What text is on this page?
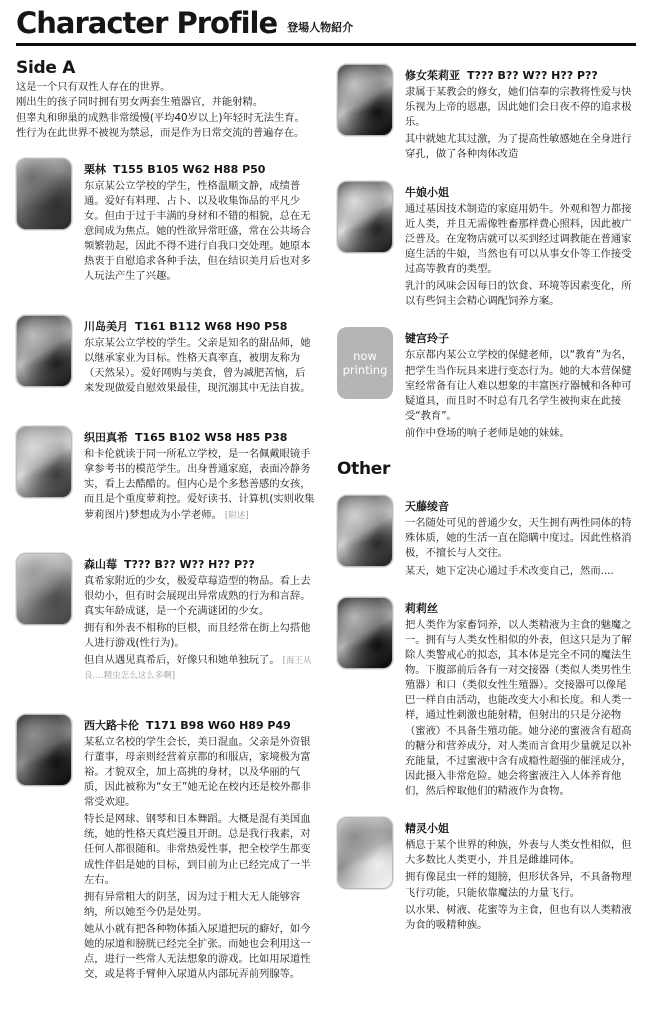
Character Profile 登場人物紹介
Side A
这是一个只有双性人存在的世界。
刚出生的孩子同时拥有男女两套生殖器官，并能射精。
但睾丸和卵巢的成熟非常缓慢(平均40岁以上)年轻时无法生育。
性行为在此世界不被视为禁忌，而是作为日常交流的普遍存在。
栗林 T155 B105 W62 H88 P50

东京某公立学校的学生，性格温顺文静，成绩普通。爱好有料理、占卜、以及收集饰品的平凡少女。但由于过于丰满的身材和不错的相貌，总在无意间成为焦点。她的性欲异常旺盛，常在公共场合频繁勃起，因此不得不进行自我口交处理。她原本热衷于自慰追求各种手法，但在结识美月后也对多人玩法产生了兴趣。

川岛美月 T161 B112 W68 H90 P58

东京某公立学校的学生。父亲是知名的甜品师，她以继承家业为目标。性格天真率直，被朋友称为（天然呆）。爱好网购与美食，曾为减肥苦恼，后来发现做爱自慰效果最佳，现沉溺其中无法自拔。

织田真希 T165 B102 W58 H85 P38

和卡伦就读于同一所私立学校，是一名佩戴眼镜手拿参考书的模范学生。出身普通家庭，表面冷静务实，看上去酷酷的。但内心是个多愁善感的女孩，而且是个重度萝莉控。爱好读书、计算机(实则收集萝莉图片)梦想成为小学老师。 [附述]

森山莓 T??? B?? W?? H?? P??

真希家附近的少女，极爱草莓造型的物品。看上去很幼小，但有时会展现出异常成熟的行为和言辞。真实年龄成谜，是一个充满谜团的少女。

拥有和外表不相称的巨根，而且经常在街上勾搭他人进行游戏(性行为)。

但自从遇见真希后，好像只和她单独玩了。 [海王从良….精虫怎么这么多啊]

西大路卡伦 T171 B98 W60 H89 P49

某私立名校的学生会长，美日混血。父亲是外资银行董事，母亲则经营着京都的和服店，家境极为富裕。才貌双全，加上高挑的身材，以及华丽的气质，因此被称为“女王”她无论在校内还是校外都非常受欢迎。

特长是网球、钢琴和日本舞蹈。大概是混有美国血统，她的性格天真烂漫且开朗。总是我行我素，对任何人都很随和。非常热爱性事，把全校学生都变成性伴侣是她的目标，到目前为止已经完成了一半左右。

拥有异常粗大的阴茎，因为过于粗大无人能够容纳，所以她至今仍是处男。

她从小就有把各种物体插入尿道把玩的癖好，如今她的尿道和膀胱已经完全扩张。而她也会利用这一点，进行一些常人无法想象的游戏。比如用尿道性交，或是将手臂伸入尿道从内部玩弄前列腺等。

修女茱莉亚 T??? B?? W?? H?? P??

隶属于某教会的修女，她们信奉的宗教将性爱与快乐视为上帝的恩惠，因此她们会日夜不停的追求极乐。

其中就她尤其过激，为了提高性敏感她在全身进行穿孔，做了各种肉体改造

牛娘小姐

通过基因技术制造的家庭用奶牛。外观和智力都接近人类，并且无需像牲畜那样费心照料，因此被广泛普及。在宠物店就可以买到经过调教能在普通家庭生活的牛娘，当然也有可以从事女仆等工作接受过高等教育的类型。

乳汁的风味会因每日的饮食、环境等因素变化，所以有些饲主会精心调配饲养方案。

now
printing
键宫玲子

东京都内某公立学校的保健老师，以“教育”为名，把学生当作玩具来进行变态行为。她的大本营保健室经常备有让人难以想象的丰富医疗器械和各种可疑道具，而且时不时总有几名学生被拘束在此接受“教育”。

前作中登场的响子老师是她的妹妹。

Other
天藤绫音

一名随处可见的普通少女，天生拥有两性同体的特殊体质，她的生活一直在隐瞒中度过。因此性格消极，不擅长与人交往。

某天，她下定决心通过手术改变自己，然而....

莉莉丝

把人类作为家畜饲养，以人类精液为主食的魅魔之一。拥有与人类女性相似的外表，但这只是为了解除人类警戒心的拟态，其本体是完全不同的魔法生物。下腹部前后各有一对交接器（类似人类男性生殖器）和口（类似女性生殖器）。交接器可以像尾巴一样自由活动，也能改变大小和长度。和人类一样，通过性刺激也能射精，但射出的只是分泌物（蜜液）不具备生殖功能。她分泌的蜜液含有超高的糖分和营养成分，对人类而言食用少量就足以补充能量，不过蜜液中含有成瘾性超强的催淫成分，因此摄入非常危险。她会将蜜液注入人体养育他们，然后榨取他们的精液作为食物。

精灵小姐

栖息于某个世界的种族，外表与人类女性相似，但大多数比人类更小，并且是雌雄同体。

拥有像昆虫一样的翅膀，但形状各异，不具备物理飞行功能，只能依靠魔法的力量飞行。

以水果、树液、花蜜等为主食，但也有以人类精液为食的吸精种族。
